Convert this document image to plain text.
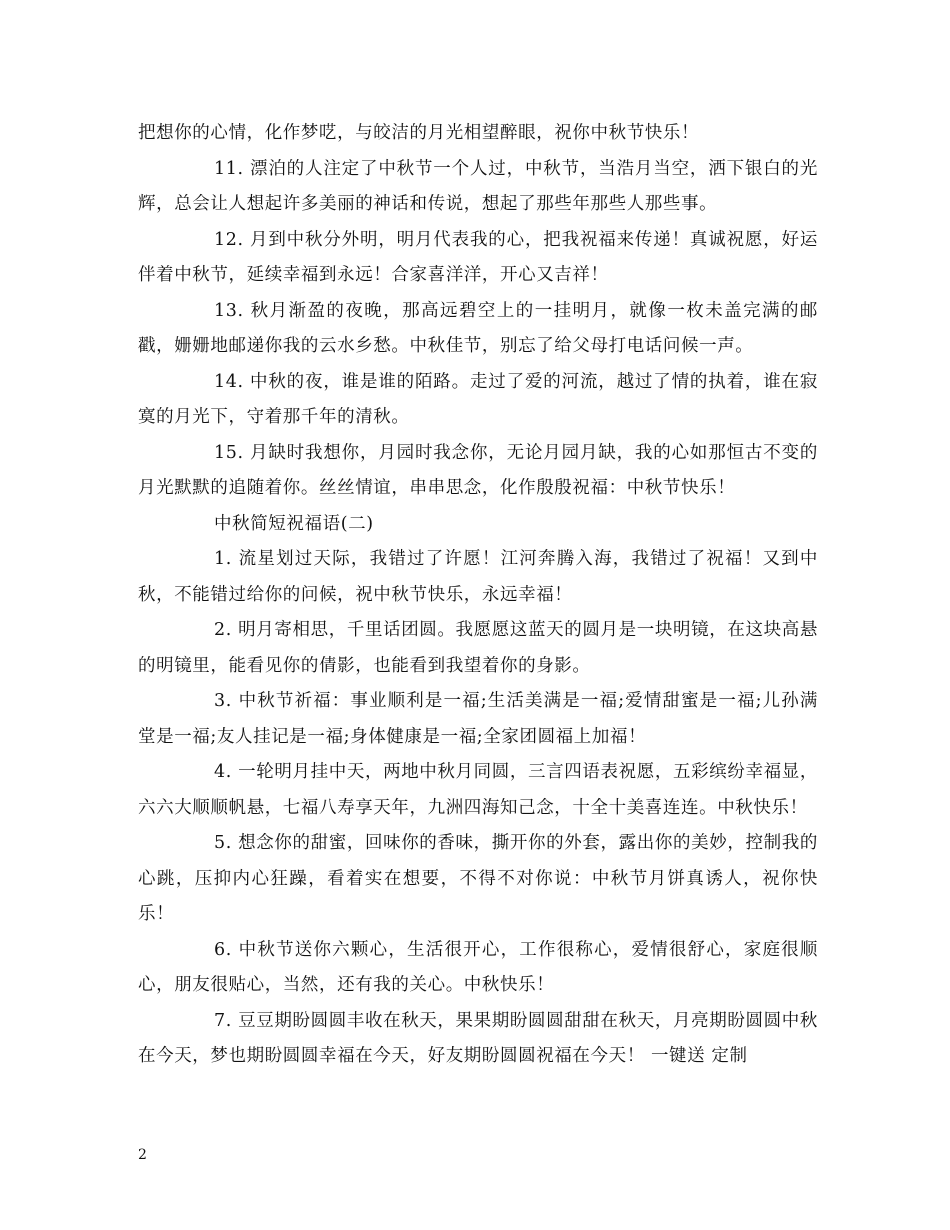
把想你的心情，化作梦呓，与皎洁的月光相望醉眼，祝你中秋节快乐！

11. 漂泊的人注定了中秋节一个人过，中秋节，当浩月当空，洒下银白的光辉，总会让人想起许多美丽的神话和传说，想起了那些年那些人那些事。

12. 月到中秋分外明，明月代表我的心，把我祝福来传递！真诚祝愿，好运伴着中秋节，延续幸福到永远！合家喜洋洋，开心又吉祥！

13. 秋月渐盈的夜晚，那高远碧空上的一挂明月，就像一枚未盖完满的邮戳，姗姗地邮递你我的云水乡愁。中秋佳节，别忘了给父母打电话问候一声。

14. 中秋的夜，谁是谁的陌路。走过了爱的河流，越过了情的执着，谁在寂寞的月光下，守着那千年的清秋。

15. 月缺时我想你，月园时我念你，无论月园月缺，我的心如那恒古不变的月光默默的追随着你。丝丝情谊，串串思念，化作殷殷祝福：中秋节快乐！

中秋简短祝福语(二)

1. 流星划过天际，我错过了许愿！江河奔腾入海，我错过了祝福！又到中秋，不能错过给你的问候，祝中秋节快乐，永远幸福！

2. 明月寄相思，千里话团圆。我愿愿这蓝天的圆月是一块明镜，在这块高悬的明镜里，能看见你的倩影，也能看到我望着你的身影。

3. 中秋节祈福：事业顺利是一福;生活美满是一福;爱情甜蜜是一福;儿孙满堂是一福;友人挂记是一福;身体健康是一福;全家团圆福上加福！

4. 一轮明月挂中天，两地中秋月同圆，三言四语表祝愿，五彩缤纷幸福显，六六大顺顺帆悬，七福八寿享天年，九洲四海知己念，十全十美喜连连。中秋快乐！

5. 想念你的甜蜜，回味你的香味，撕开你的外套，露出你的美妙，控制我的心跳，压抑内心狂躁，看着实在想要，不得不对你说：中秋节月饼真诱人，祝你快乐！

6. 中秋节送你六颗心，生活很开心，工作很称心，爱情很舒心，家庭很顺心，朋友很贴心，当然，还有我的关心。中秋快乐！

7. 豆豆期盼圆圆丰收在秋天，果果期盼圆圆甜甜在秋天，月亮期盼圆圆中秋在今天，梦也期盼圆圆幸福在今天，好友期盼圆圆祝福在今天！ 一键送 定制

2
